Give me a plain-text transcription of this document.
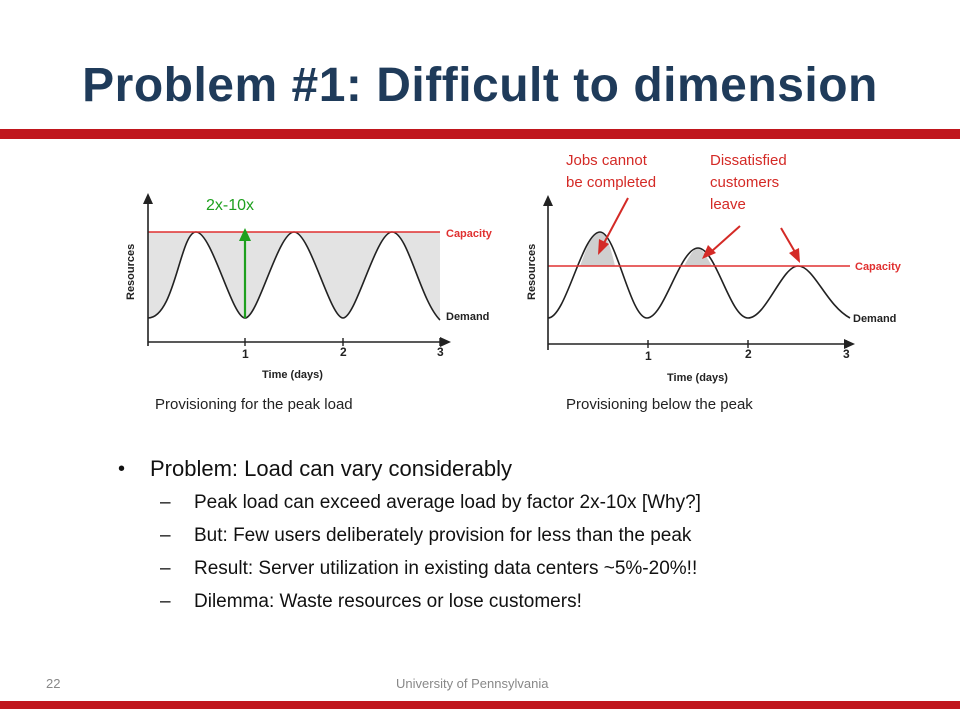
Problem #1: Difficult to dimension
Capacity
Demand
Resources
Time (days)
1	2	3
2x-10x
Provisioning for the peak load
Capacity
Demand
Resources
Time (days)
1	2	3
Jobs cannot
be completed
Dissatisfied
customers
leave
Provisioning below the peak
• Problem: Load can vary considerably
– Peak load can exceed average load by factor 2x-10x [Why?]
– But: Few users deliberately provision for less than the peak
– Result: Server utilization in existing data centers ~5%-20%!!
– Dilemma: Waste resources or lose customers!
22	University of Pennsylvania
